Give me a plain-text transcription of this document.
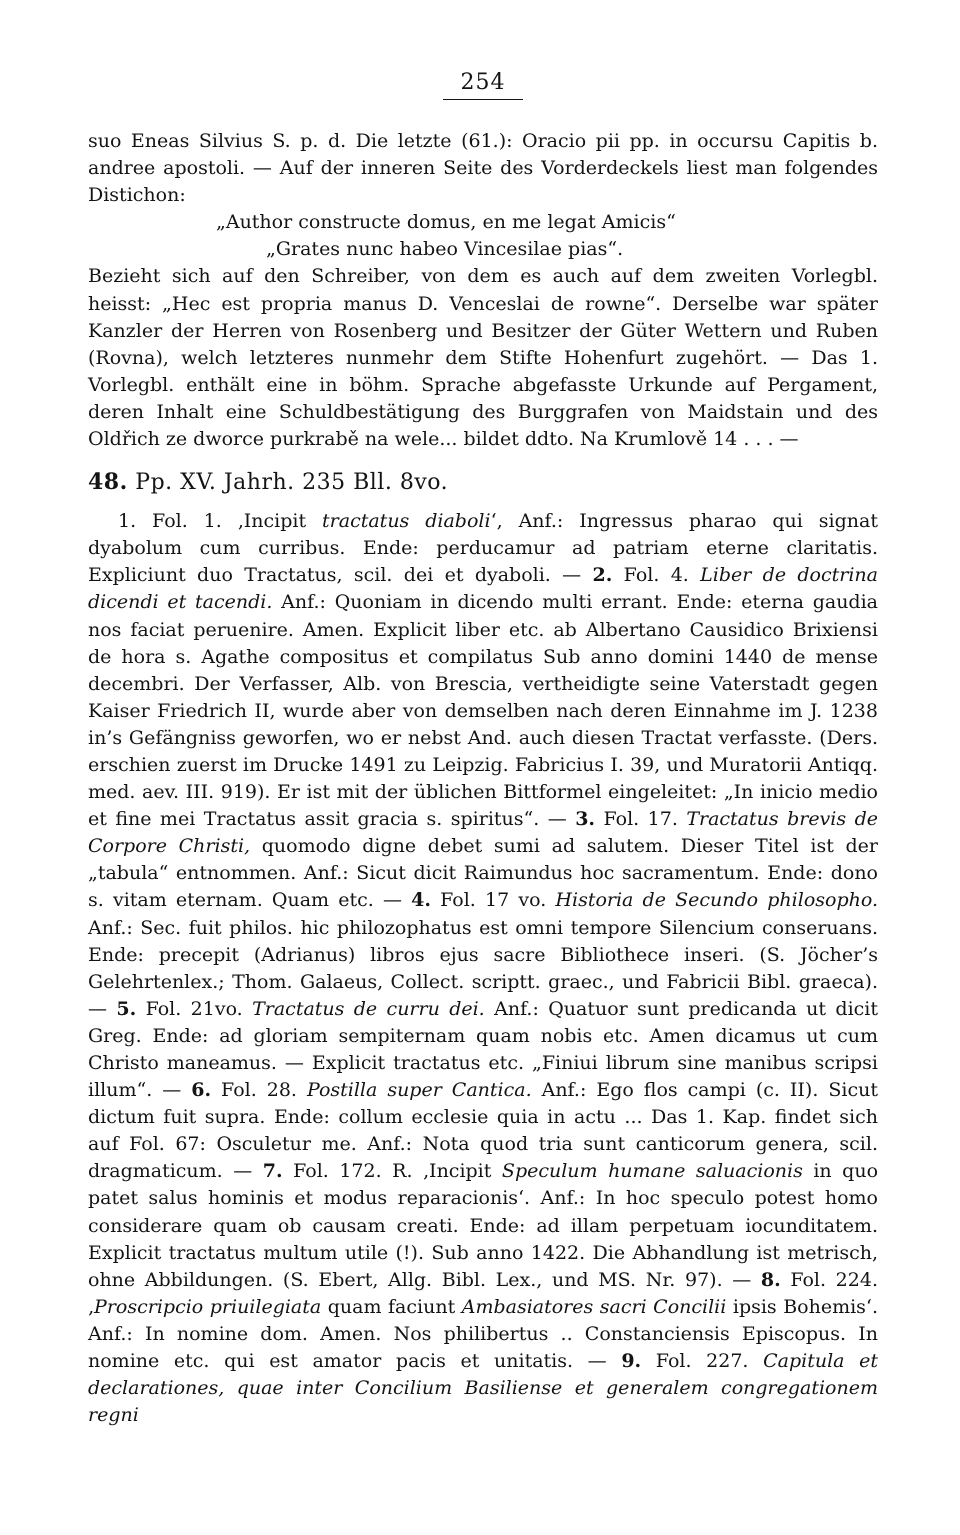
254

suo Eneas Silvius S. p. d. Die letzte (61.): Oracio pii pp. in occursu Capitis b. andree apostoli. — Auf der inneren Seite des Vorderdeckels liest man folgendes Distichon:

„Author constructe domus, en me legat Amicis“

„Grates nunc habeo Vincesilae pias“.

Bezieht sich auf den Schreiber, von dem es auch auf dem zweiten Vorlegbl. heisst: „Hec est propria manus D. Venceslai de rowne“. Derselbe war später Kanzler der Herren von Rosenberg und Besitzer der Güter Wettern und Ruben (Rovna), welch letzteres nunmehr dem Stifte Hohenfurt zugehört. — Das 1. Vorlegbl. enthält eine in böhm. Sprache abgefasste Urkunde auf Pergament, deren Inhalt eine Schuldbestätigung des Burggrafen von Maidstain und des Oldřich ze dworce purkrabě na wele... bildet ddto. Na Krumlově 14 . . . —

48. Pp. XV. Jahrh. 235 Bll. 8vo.

1. Fol. 1. ‚Incipit tractatus diaboli‘, Anf.: Ingressus pharao qui signat dyabolum cum curribus. Ende: perducamur ad patriam eterne claritatis. Expliciunt duo Tractatus, scil. dei et dyaboli. — 2. Fol. 4. Liber de doctrina dicendi et tacendi. Anf.: Quoniam in dicendo multi errant. Ende: eterna gaudia nos faciat peruenire. Amen. Explicit liber etc. ab Albertano Causidico Brixiensi de hora s. Agathe compositus et compilatus Sub anno domini 1440 de mense decembri. Der Verfasser, Alb. von Brescia, vertheidigte seine Vaterstadt gegen Kaiser Friedrich II, wurde aber von demselben nach deren Einnahme im J. 1238 in’s Gefängniss geworfen, wo er nebst And. auch diesen Tractat verfasste. (Ders. erschien zuerst im Drucke 1491 zu Leipzig. Fabricius I. 39, und Muratorii Antiqq. med. aev. III. 919). Er ist mit der üblichen Bittformel eingeleitet: „In inicio medio et fine mei Tractatus assit gracia s. spiritus“. — 3. Fol. 17. Tractatus brevis de Corpore Christi, quomodo digne debet sumi ad salutem. Dieser Titel ist der „tabula“ entnommen. Anf.: Sicut dicit Raimundus hoc sacramentum. Ende: dono s. vitam eternam. Quam etc. — 4. Fol. 17 vo. Historia de Secundo philosopho. Anf.: Sec. fuit philos. hic philozophatus est omni tempore Silencium conseruans. Ende: precepit (Adrianus) libros ejus sacre Bibliothece inseri. (S. Jöcher’s Gelehrtenlex.; Thom. Galaeus, Collect. scriptt. graec., und Fabricii Bibl. graeca). — 5. Fol. 21vo. Tractatus de curru dei. Anf.: Quatuor sunt predicanda ut dicit Greg. Ende: ad gloriam sempiternam quam nobis etc. Amen dicamus ut cum Christo maneamus. — Explicit tractatus etc. „Finiui librum sine manibus scripsi illum“. — 6. Fol. 28. Postilla super Cantica. Anf.: Ego flos campi (c. II). Sicut dictum fuit supra. Ende: collum ecclesie quia in actu ... Das 1. Kap. findet sich auf Fol. 67: Osculetur me. Anf.: Nota quod tria sunt canticorum genera, scil. dragmaticum. — 7. Fol. 172. R. ‚Incipit Speculum humane saluacionis in quo patet salus hominis et modus reparacionis‘. Anf.: In hoc speculo potest homo considerare quam ob causam creati. Ende: ad illam perpetuam iocunditatem. Explicit tractatus multum utile (!). Sub anno 1422. Die Abhandlung ist metrisch, ohne Abbildungen. (S. Ebert, Allg. Bibl. Lex., und MS. Nr. 97). — 8. Fol. 224. ‚Proscripcio priuilegiata quam faciunt Ambasiatores sacri Concilii ipsis Bohemis‘. Anf.: In nomine dom. Amen. Nos philibertus .. Constanciensis Episcopus. In nomine etc. qui est amator pacis et unitatis. — 9. Fol. 227. Capitula et declarationes, quae inter Concilium Basiliense et generalem congregationem regni
